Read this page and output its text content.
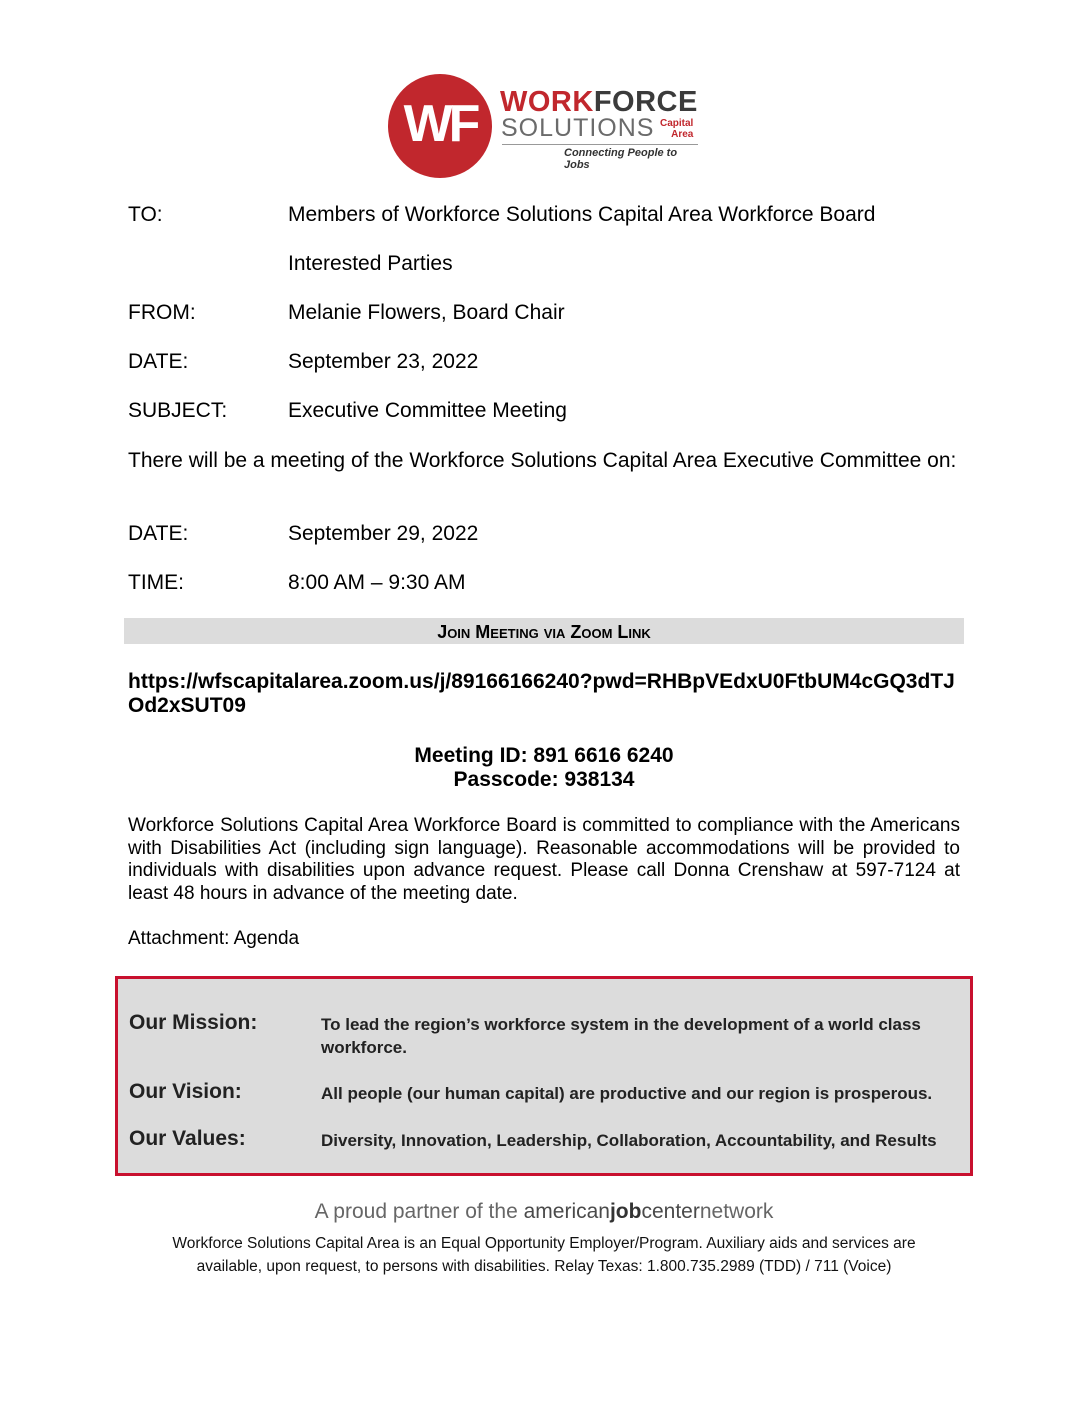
WF WORKFORCE
SOLUTIONS Capital
Area
Connecting People to Jobs
TO:	Members of Workforce Solutions Capital Area Workforce Board
Interested Parties
FROM:	Melanie Flowers, Board Chair
DATE:	September 23, 2022
SUBJECT:	Executive Committee Meeting
There will be a meeting of the Workforce Solutions Capital Area Executive Committee on:
DATE:	September 29, 2022
TIME:	8:00 AM – 9:30 AM
Join Meeting via Zoom Link
https://wfscapitalarea.zoom.us/j/89166166240?pwd=RHBpVEdxU0FtbUM4cGQ3dTJOd2xSUT09
Meeting ID: 891 6616 6240
Passcode: 938134
Workforce Solutions Capital Area Workforce Board is committed to compliance with the Americans with Disabilities Act (including sign language). Reasonable accommodations will be provided to individuals with disabilities upon advance request. Please call Donna Crenshaw at 597-7124 at least 48 hours in advance of the meeting date.
Attachment: Agenda
Our Mission:	To lead the region’s workforce system in the development of a world class workforce.
Our Vision:	All people (our human capital) are productive and our region is prosperous.
Our Values:	Diversity, Innovation, Leadership, Collaboration, Accountability, and Results
A proud partner of the americanjobcenternetwork
Workforce Solutions Capital Area is an Equal Opportunity Employer/Program. Auxiliary aids and services are available, upon request, to persons with disabilities. Relay Texas: 1.800.735.2989 (TDD) / 711 (Voice)
